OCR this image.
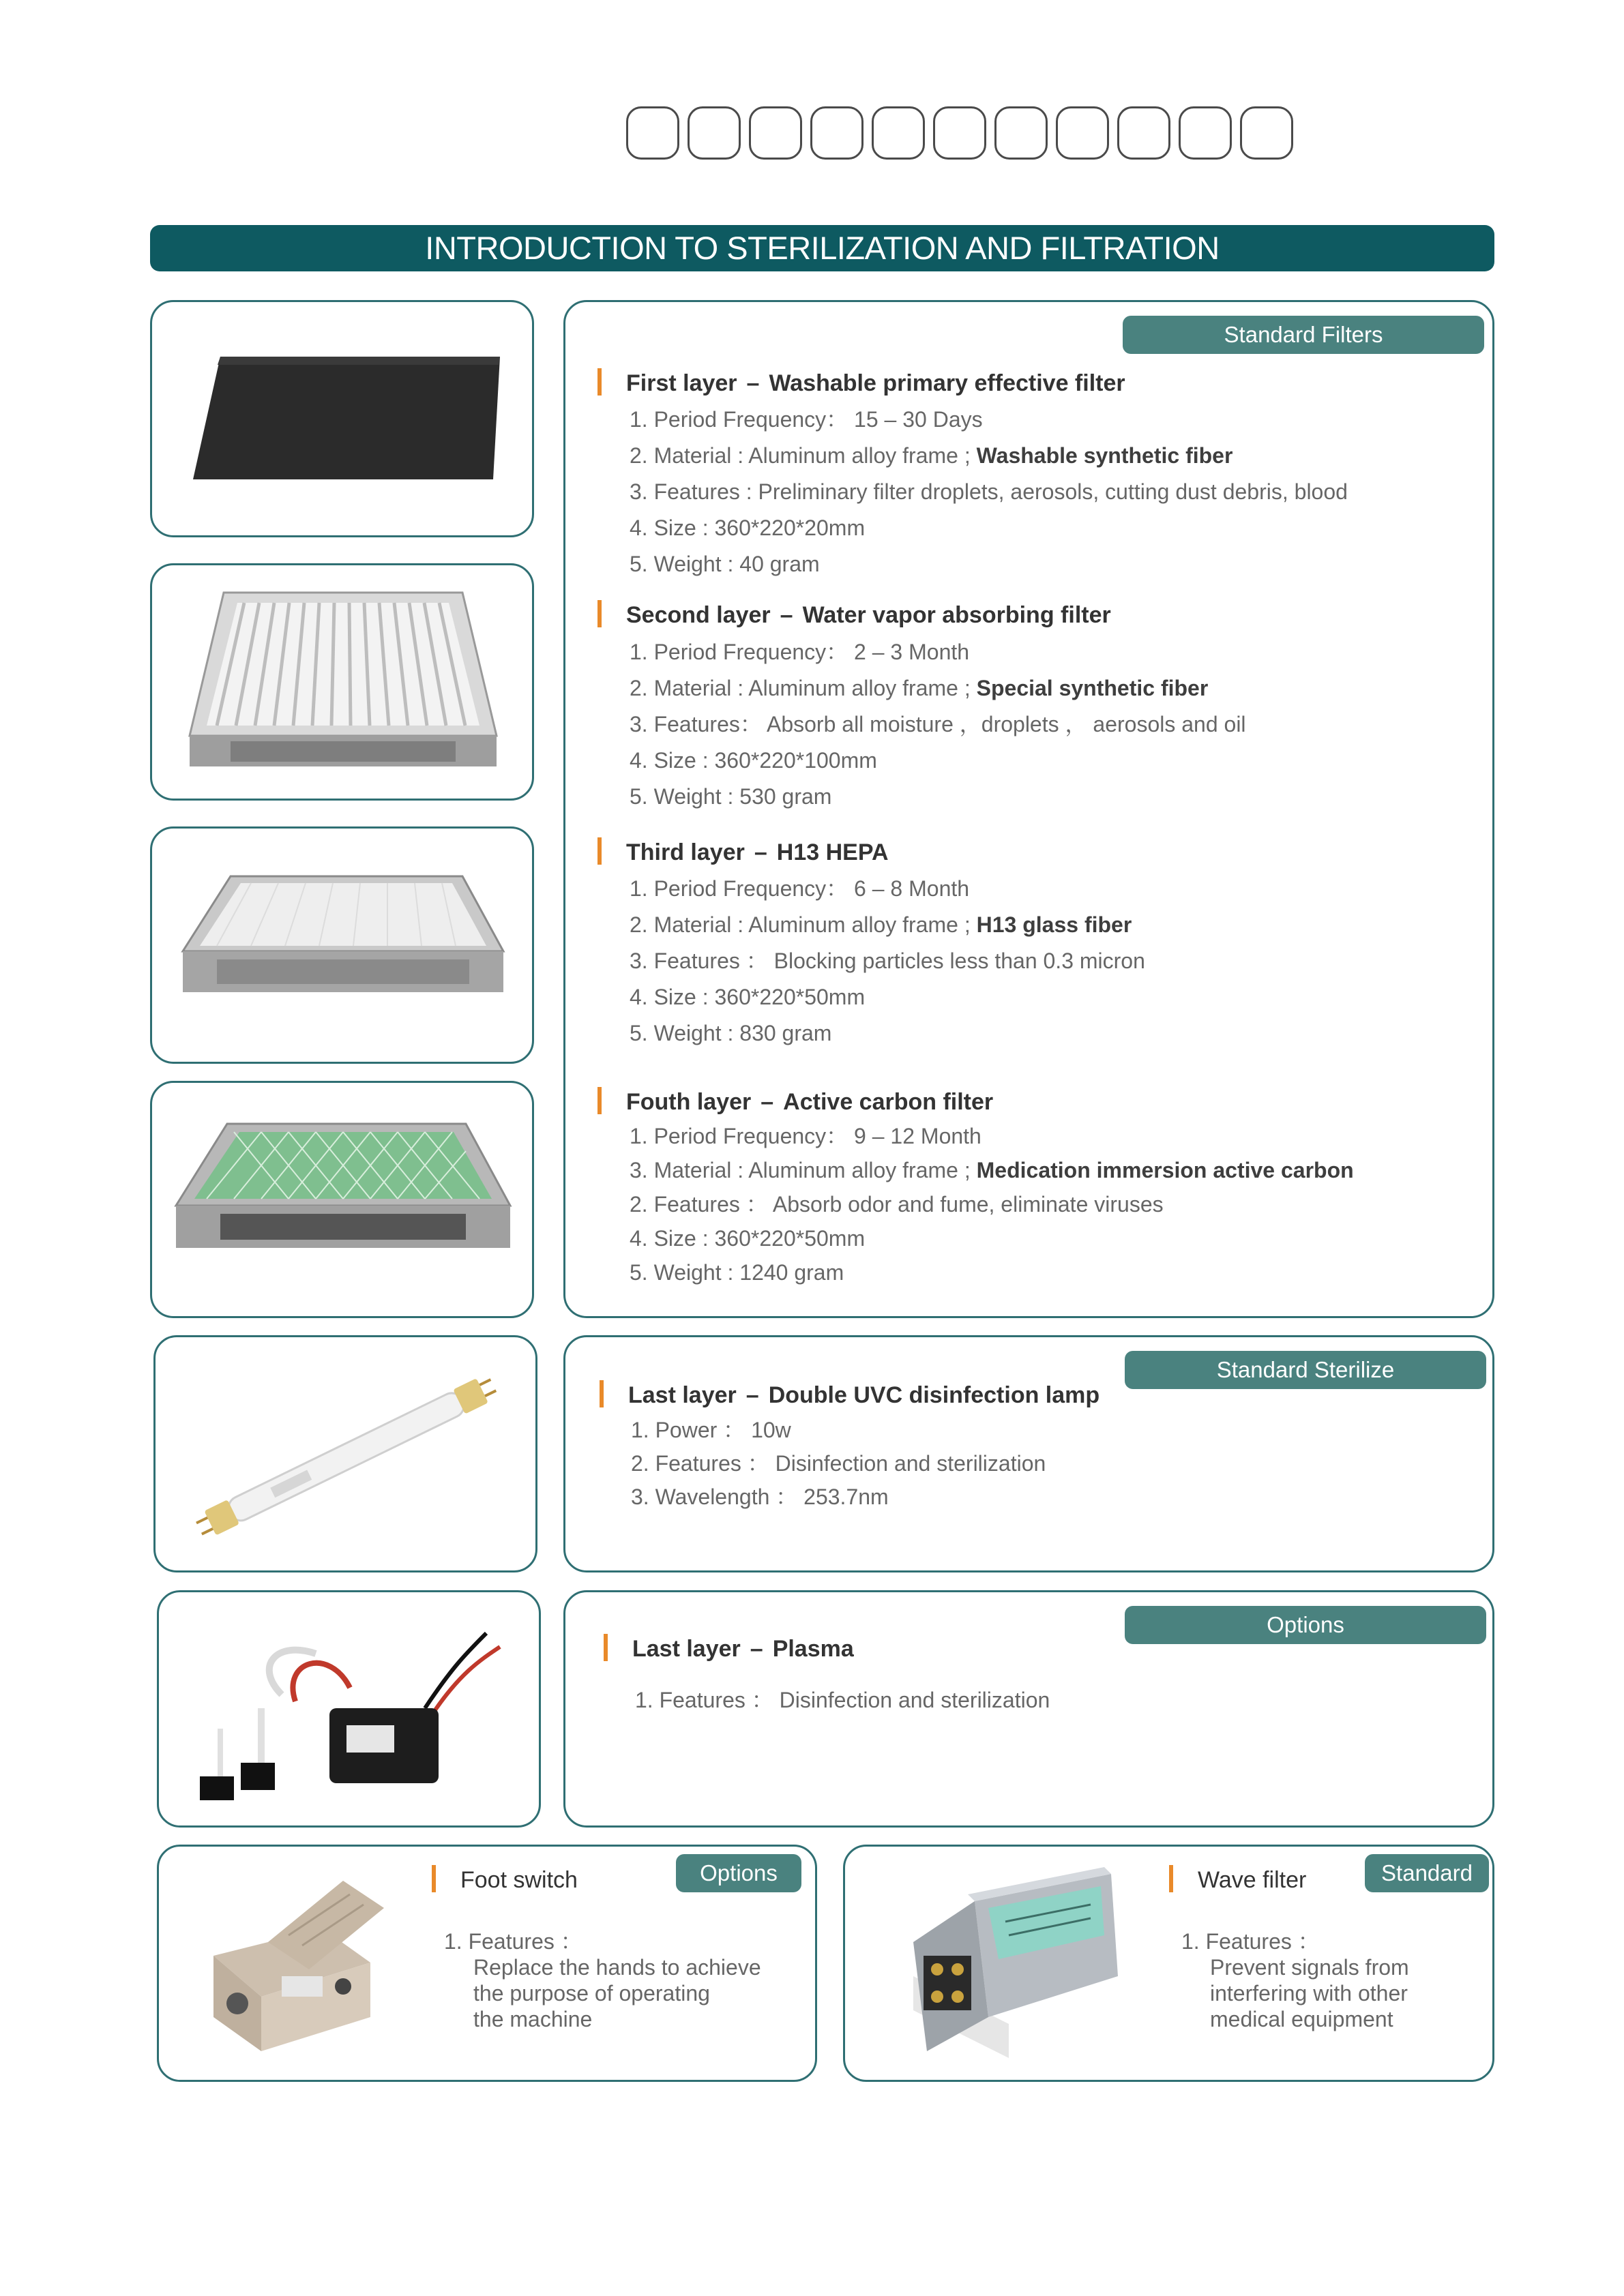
INTRODUCTION TO STERILIZATION AND FILTRATION
Standard Filters
First layer – Washable primary effective filter
1. Period Frequency： 15 – 30 Days
2. Material : Aluminum alloy frame ; Washable synthetic fiber
3. Features : Preliminary filter droplets, aerosols, cutting dust debris, blood
4. Size : 360*220*20mm
5. Weight : 40 gram
Second layer – Water vapor absorbing filter
1. Period Frequency： 2 – 3 Month
2. Material : Aluminum alloy frame ; Special synthetic fiber
3. Features： Absorb all moisture ，droplets ， aerosols and oil
4. Size : 360*220*100mm
5. Weight : 530 gram
Third layer – H13 HEPA
1. Period Frequency： 6 – 8 Month
2. Material : Aluminum alloy frame ; H13 glass fiber
3. Features ： Blocking particles less than 0.3 micron
4. Size : 360*220*50mm
5. Weight : 830 gram
Fouth layer – Active carbon filter
1. Period Frequency： 9 – 12 Month
3. Material : Aluminum alloy frame ; Medication immersion active carbon
2. Features ： Absorb odor and fume, eliminate viruses
4. Size : 360*220*50mm
5. Weight : 1240 gram
Standard Sterilize
Last layer – Double UVC disinfection lamp
1. Power ： 10w
2. Features ： Disinfection and sterilization
3. Wavelength ： 253.7nm
Options
Last layer – Plasma
1. Features ： Disinfection and sterilization
Foot switch	Options
1. Features ：
Replace the hands to achieve
the purpose of operating
the machine
Wave filter	Standard
1. Features ：
Prevent signals from
interfering with other
medical equipment
